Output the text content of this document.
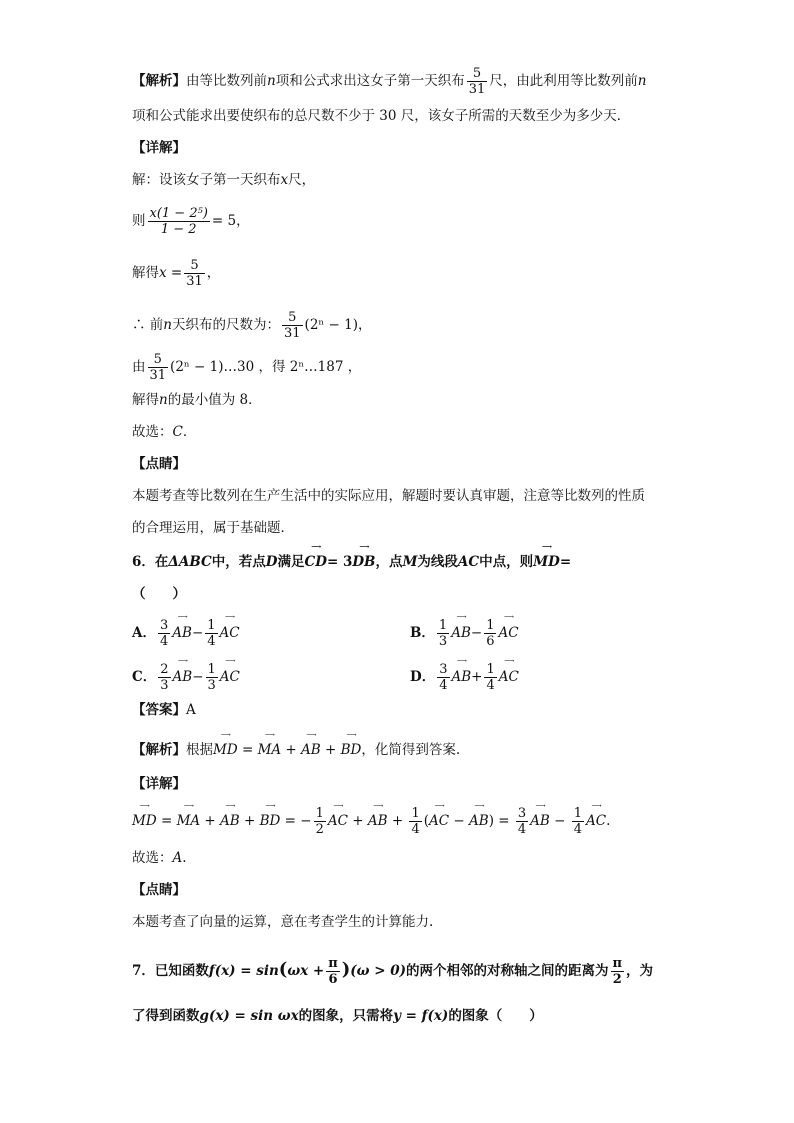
【解析】由等比数列前n项和公式求出这女子第一天织布 $\frac{5}{31}$ 尺，由此利用等比数列前n
项和公式能求出要使织布的总尺数不少于 30 尺，该女子所需的天数至少为多少天．
【详解】
解：设该女子第一天织布x尺，
则 $\frac{\text{x(1 − 2⁵)}}{1 - 2} = 5$，
解得$x = \frac{5}{31}$ ，
∴ 前n天织布的尺数为： $\frac{5}{31} (2^n - 1)$，
由 $\frac{5}{31} (2^n$ − 1)…30 ，得 2ⁿ…187 ，
解得n的最小值为 8．
故选：C．
【点睛】
本题考查等比数列在生产生活中的实际应用，解题时要认真审题，注意等比数列的性质
的合理运用，属于基础题．
6．在ΔABC中，若点D满足
⟶
CD= 3
⟶
DB，点M为线段AC中点，则
⟶
MD=
（　　）
A． $\frac{3}{4}$
⟶
$AB- \frac{1}{4}$
⟶
AC	B． $\frac{1}{3}$
⟶
$AB- \frac{1}{6}$
⟶
AC
C． $\frac{2}{3}$
⟶
$AB- \frac{1}{3}$
⟶
AC	D． $\frac{3}{4}$
⟶
$AB+ \frac{1}{4}$
⟶
AC
【答案】A
【解析】根据
⟶
MD =
⟶
MA +
⟶
AB +
⟶
BD，化简得到答案.
【详解】
⟶
MD =
⟶
MA +
⟶
AB +
⟶
BD = − $\frac{1}{2}$	⟶
AC +
⟶
AB + $\frac{1}{4}$ (
⟶
AC −
⟶
$AB) = \frac{3}{4}$	⟶
AB − $\frac{1}{4}$	⟶
AC.
故选：A.
【点睛】
本题考查了向量的运算，意在考查学生的计算能力.
7．已知函数$f(x) = \sin(\omega x + \frac{\pi}{6} )(\omega > 0)$的两个相邻的对称轴之间的距离为 $\frac{\pi}{2}$ ，为
了得到函数g(x) = sin ωx的图象，只需将y = f(x)的图象（　　）
